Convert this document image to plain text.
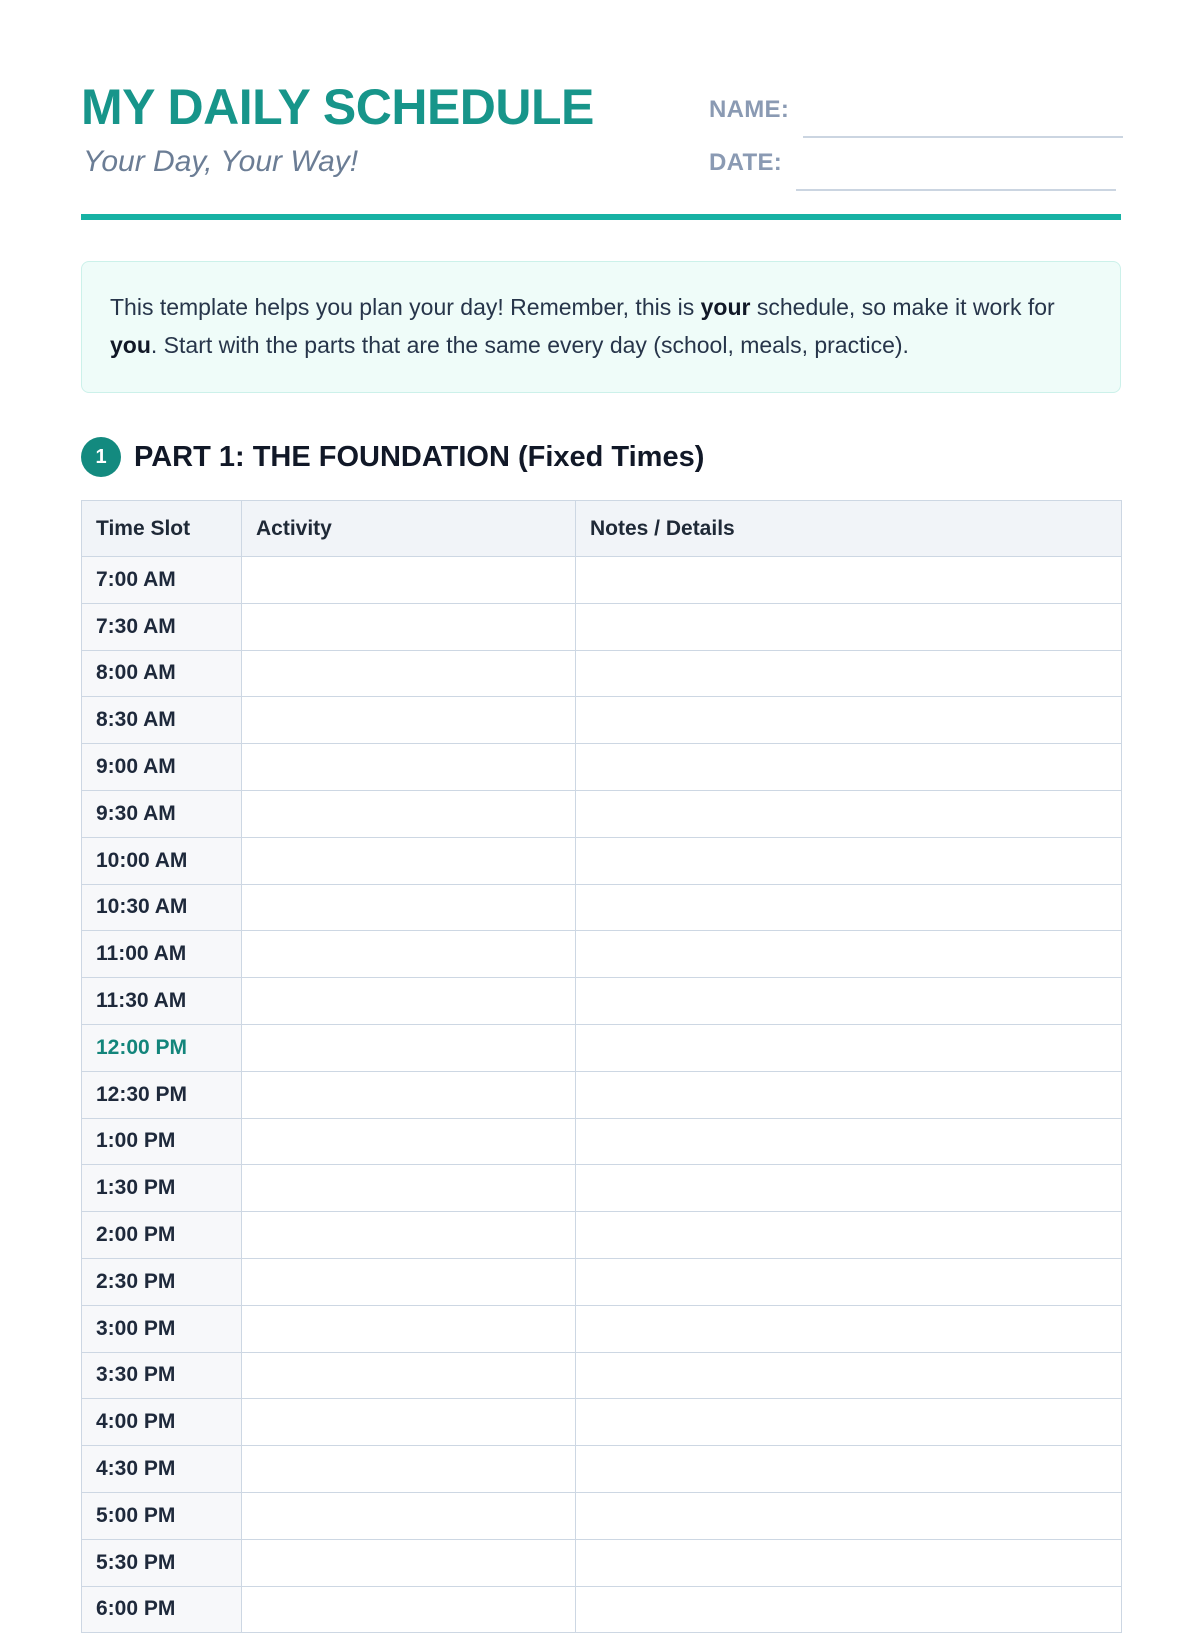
MY DAILY SCHEDULE
Your Day, Your Way!
NAME:
DATE:
This template helps you plan your day! Remember, this is your schedule, so make it work for you. Start with the parts that are the same every day (school, meals, practice).
1 PART 1: THE FOUNDATION (Fixed Times)
Time Slot	Activity	Notes / Details
7:00 AM		
7:30 AM		
8:00 AM		
8:30 AM		
9:00 AM		
9:30 AM		
10:00 AM		
10:30 AM		
11:00 AM		
11:30 AM		
12:00 PM		
12:30 PM		
1:00 PM		
1:30 PM		
2:00 PM		
2:30 PM		
3:00 PM		
3:30 PM		
4:00 PM		
4:30 PM		
5:00 PM		
5:30 PM		
6:00 PM		
